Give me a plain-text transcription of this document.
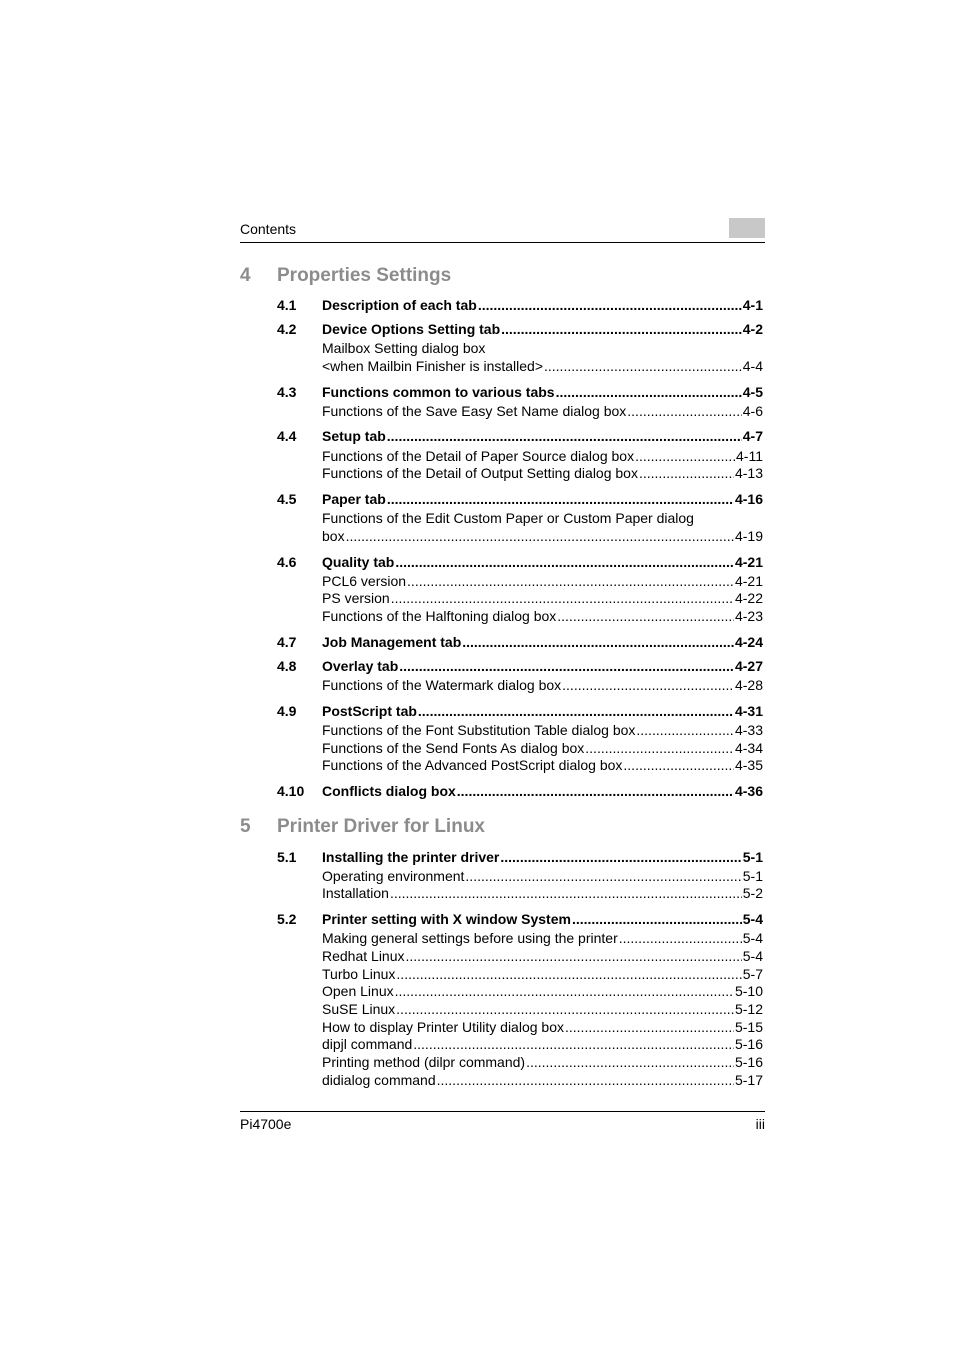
Contents
4 Properties Settings
4.1 Description of each tab .....	4-1
4.2 Device Options Setting tab .....	4-2
Mailbox Setting dialog box
<when Mailbin Finisher is installed> .....	4-4
4.3 Functions common to various tabs .....	4-5
Functions of the Save Easy Set Name dialog box .....	4-6
4.4 Setup tab .....	4-7
Functions of the Detail of Paper Source dialog box .....	4-11
Functions of the Detail of Output Setting dialog box .....	4-13
4.5 Paper tab .....	4-16
Functions of the Edit Custom Paper or Custom Paper dialog
box .....	4-19
4.6 Quality tab .....	4-21
PCL6 version .....	4-21
PS version .....	4-22
Functions of the Halftoning dialog box .....	4-23
4.7 Job Management tab .....	4-24
4.8 Overlay tab .....	4-27
Functions of the Watermark dialog box .....	4-28
4.9 PostScript tab .....	4-31
Functions of the Font Substitution Table dialog box .....	4-33
Functions of the Send Fonts As dialog box .....	4-34
Functions of the Advanced PostScript dialog box .....	4-35
4.10 Conflicts dialog box .....	4-36
5 Printer Driver for Linux
5.1 Installing the printer driver .....	5-1
Operating environment .....	5-1
Installation .....	5-2
5.2 Printer setting with X window System .....	5-4
Making general settings before using the printer .....	5-4
Redhat Linux .....	5-4
Turbo Linux .....	5-7
Open Linux .....	5-10
SuSE Linux .....	5-12
How to display Printer Utility dialog box .....	5-15
dipjl command .....	5-16
Printing method (dilpr command) .....	5-16
didialog command .....	5-17
Pi4700e	iii
